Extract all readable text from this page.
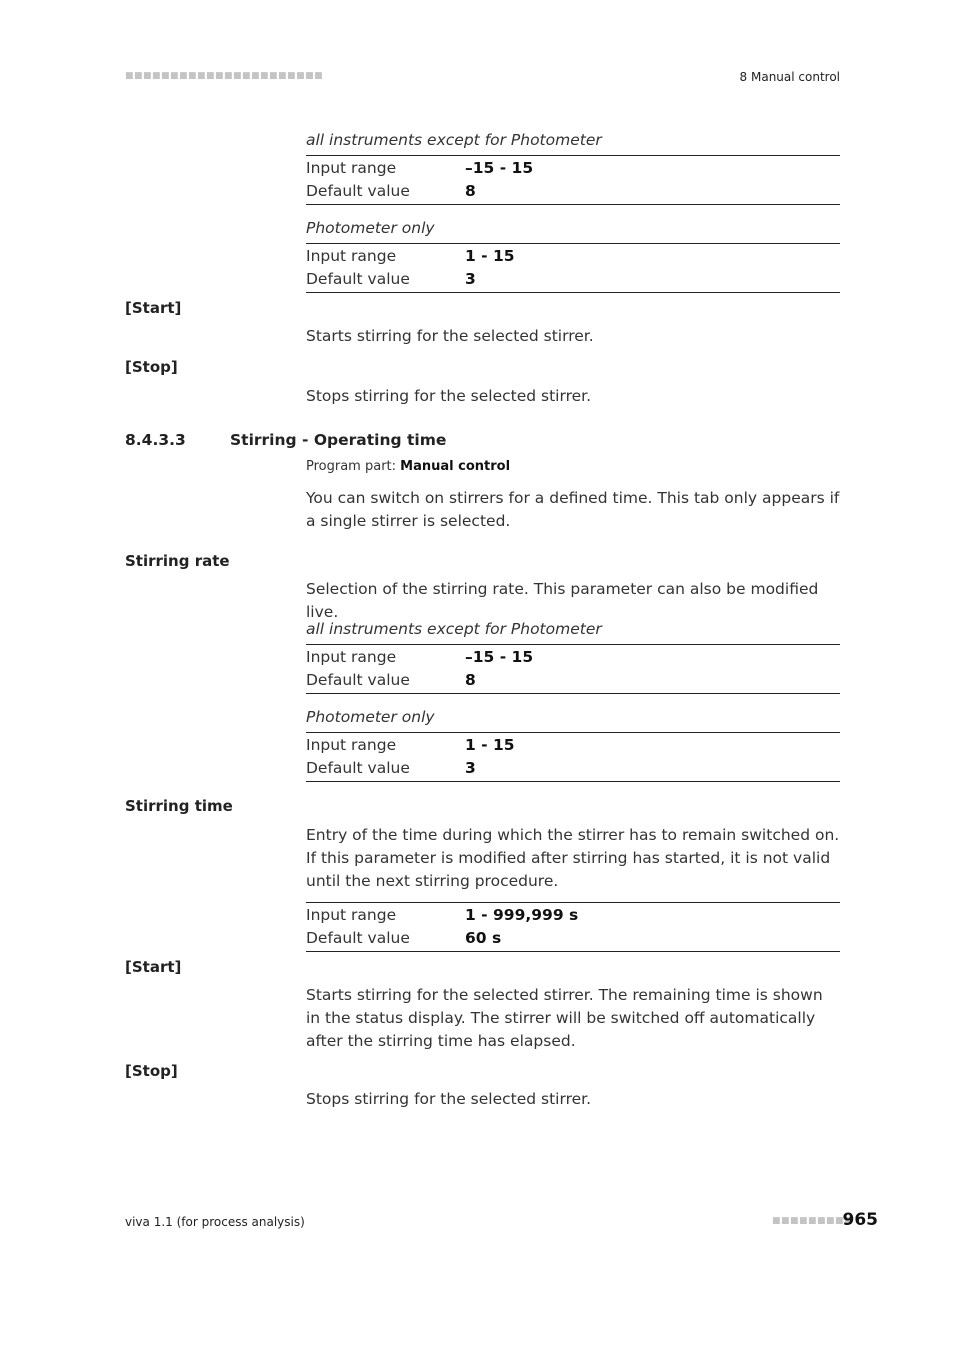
■■■■■■■■■■■■■■■■■■■■■■	8 Manual control
all instruments except for Photometer
Input range	–15 - 15
Default value	8
Photometer only
Input range	1 - 15
Default value	3
[Start]
Starts stirring for the selected stirrer.
[Stop]
Stops stirring for the selected stirrer.
8.4.3.3	Stirring - Operating time
Program part: Manual control
You can switch on stirrers for a defined time. This tab only appears if a single stirrer is selected.
Stirring rate
Selection of the stirring rate. This parameter can also be modified live.
all instruments except for Photometer
Input range	–15 - 15
Default value	8
Photometer only
Input range	1 - 15
Default value	3
Stirring time
Entry of the time during which the stirrer has to remain switched on. If this parameter is modified after stirring has started, it is not valid until the next stirring procedure.
Input range	1 - 999,999 s
Default value	60 s
[Start]
Starts stirring for the selected stirrer. The remaining time is shown in the status display. The stirrer will be switched off automatically after the stirring time has elapsed.
[Stop]
Stops stirring for the selected stirrer.
viva 1.1 (for process analysis)	■■■■■■■■■
965
